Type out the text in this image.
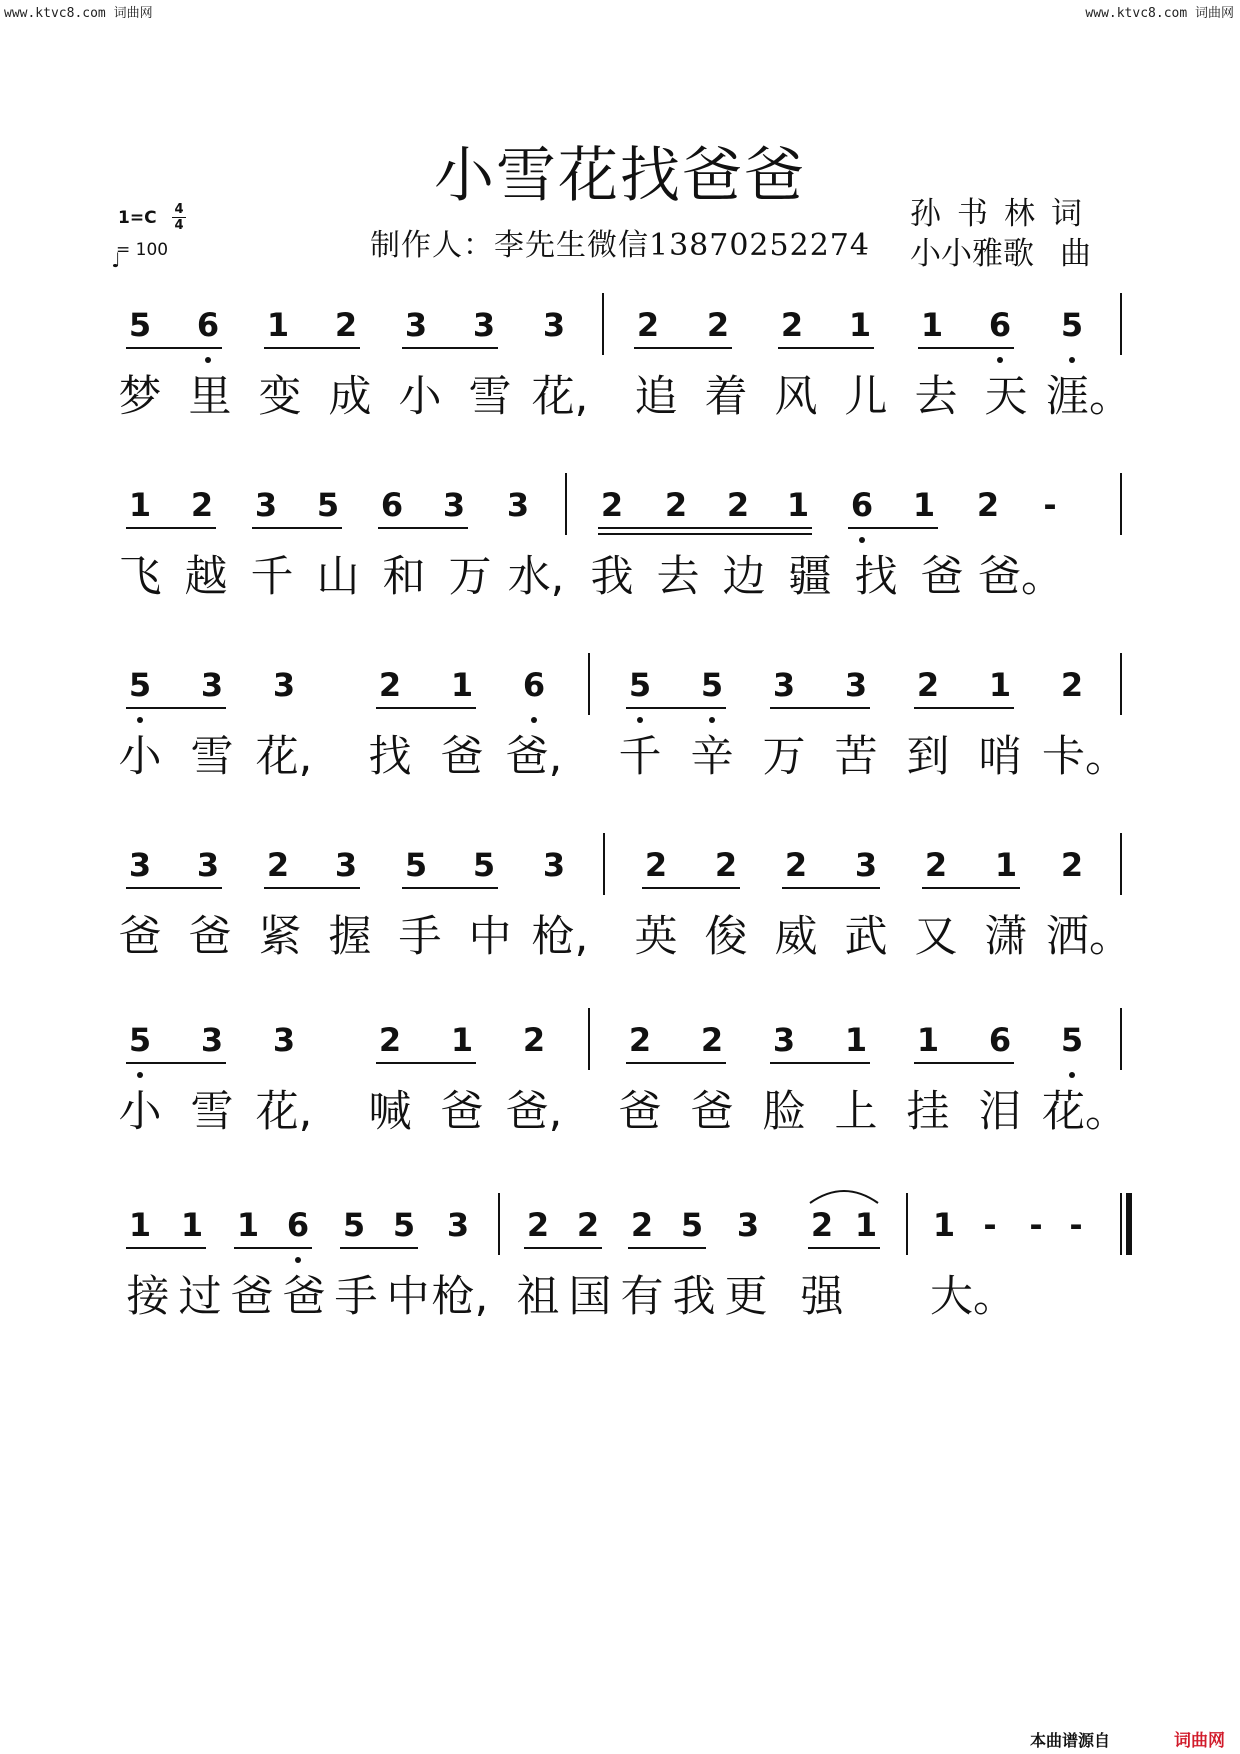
www.ktvc8.com 词曲网	www.ktvc8.com 词曲网
小雪花找爸爸
1=C 4
4
♩
= 100	制作人：李先生微信13870252274
孙书林词
小小雅歌 曲
5 6 1 2 3 3 3 2 2 2 1 1 6 5
梦 里 变 成 小 雪 花, 追 着 风 儿 去 天 涯。
1 2 3 5 6 3 3 2 2 2 1 6 1 2	-
飞 越 千 山 和 万 水, 我 去 边 疆 找 爸 爸。
5 3 3	2 1 6	5 5 3 3 2 1 2
小 雪 花, 找 爸 爸, 千 辛 万 苦 到 哨 卡。
3 3 2 3 5 5 3 2 2 2 3 2 1 2
爸 爸 紧 握 手 中 枪, 英 俊 威 武 又 潇 洒。
5 3 3	2 1 2	2 2 3 1 1 6 5
小 雪 花, 喊 爸 爸, 爸 爸 脸 上 挂 泪 花。
1 1 1 6 5 5 3 2 2 2 5 3 2 1 1 -	- -
接 过 爸 爸 手 中 枪, 祖 国 有 我 更 强 大。
本曲谱源自	词曲网
